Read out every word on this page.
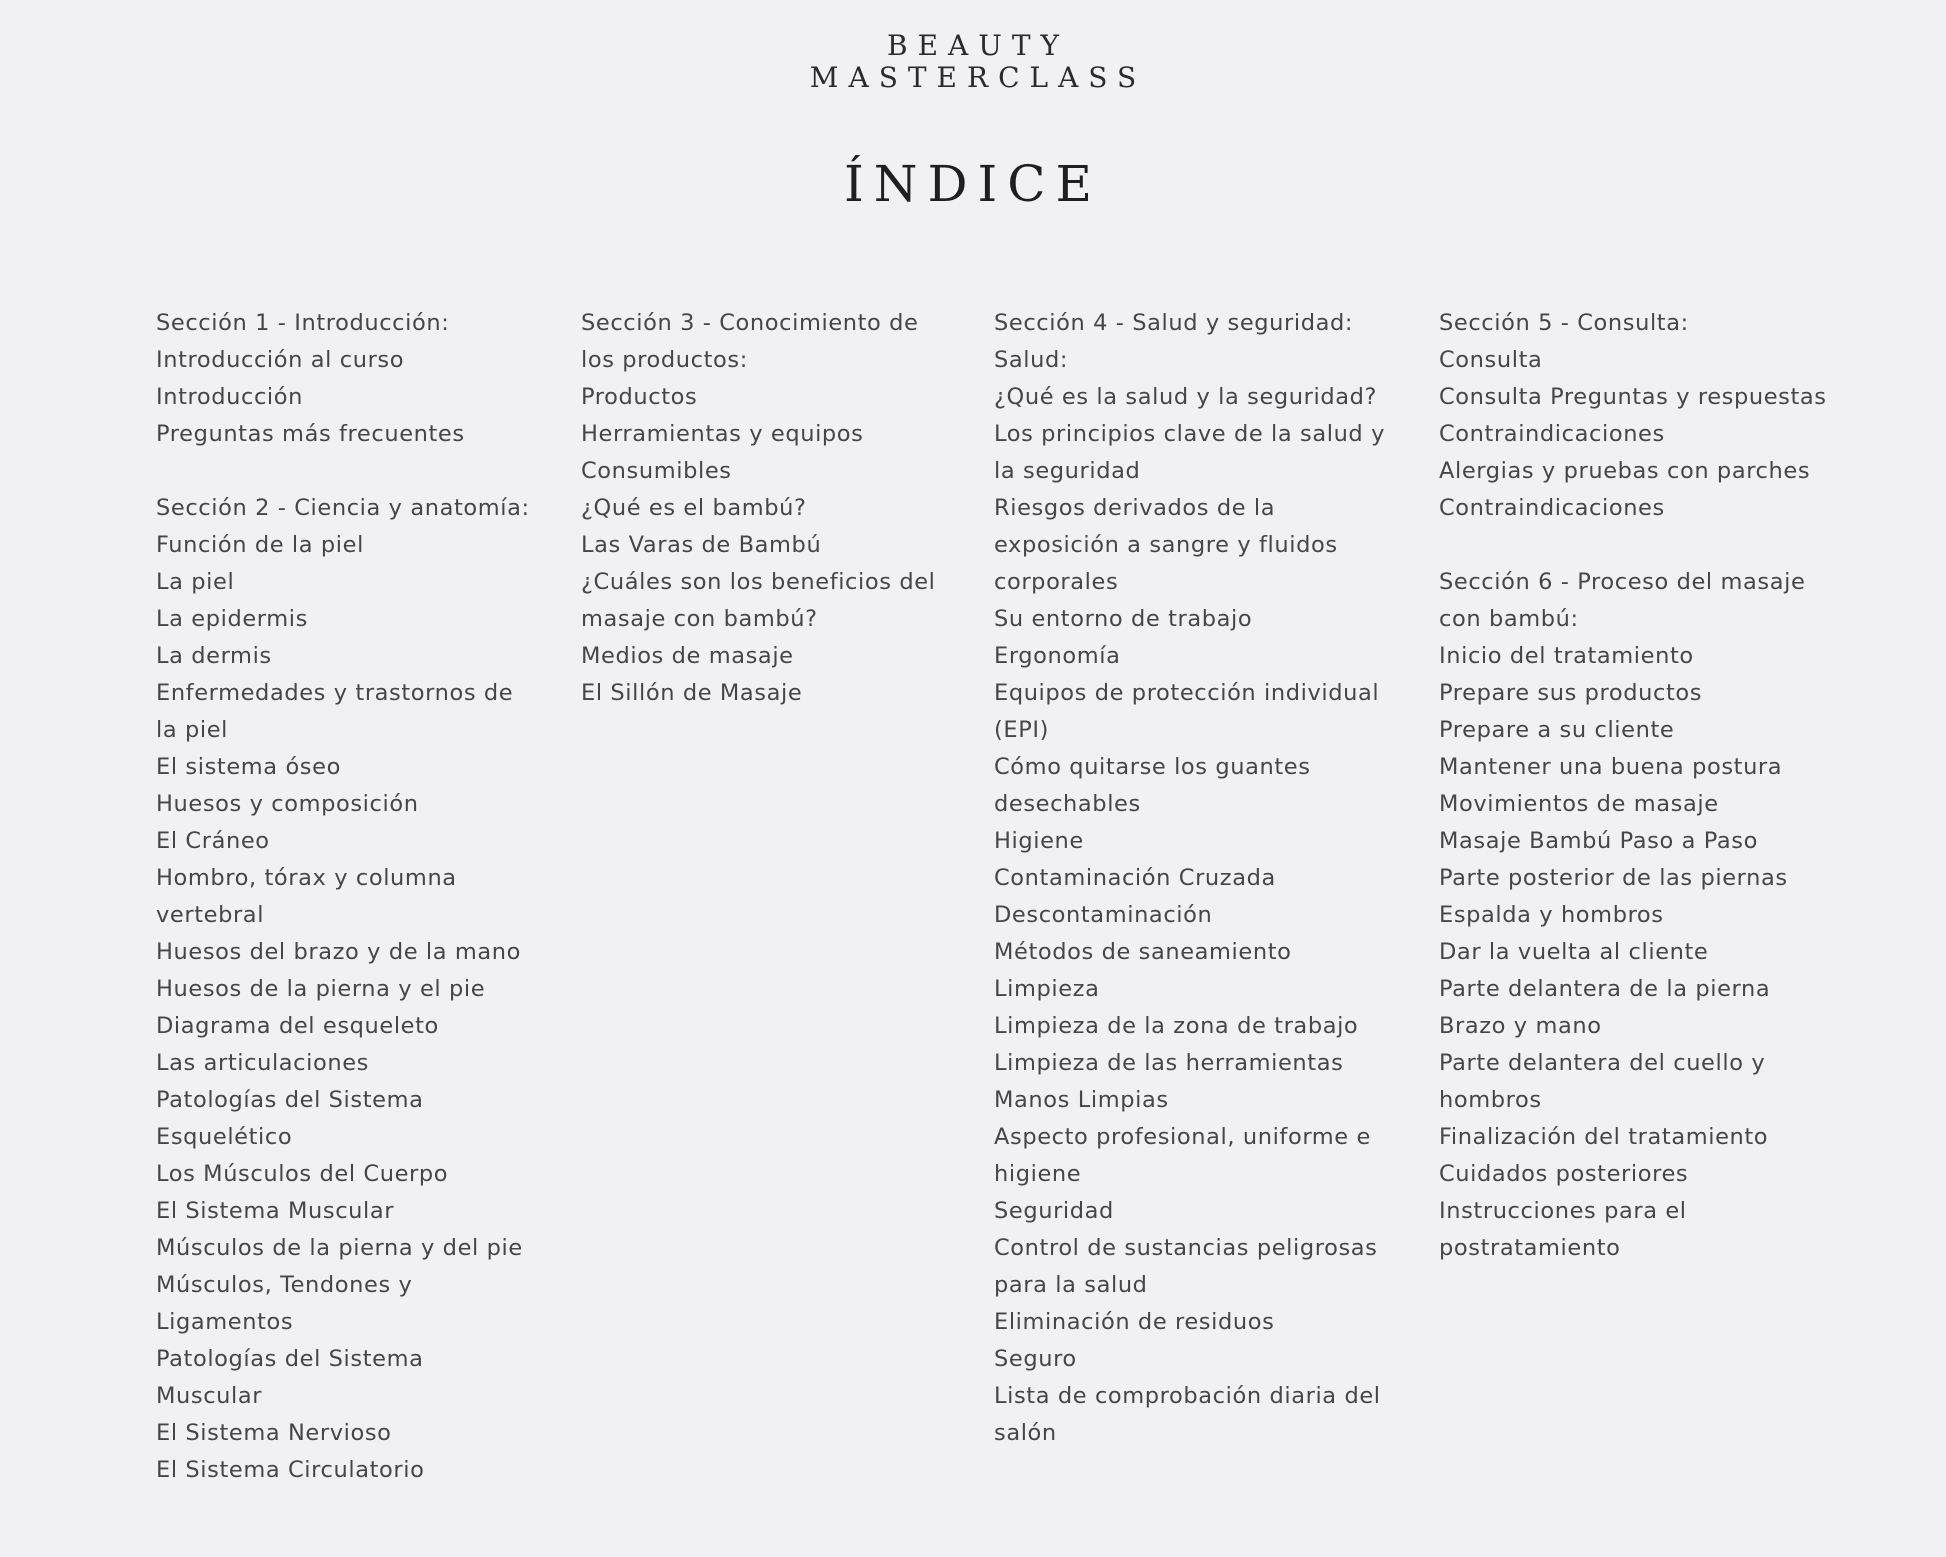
BEAUTY
MASTERCLASS
ÍNDICE
Sección 1 - Introducción:
Introducción al curso
Introducción
Preguntas más frecuentes
Sección 2 - Ciencia y anatomía:
Función de la piel
La piel
La epidermis
La dermis
Enfermedades y trastornos de la piel
El sistema óseo
Huesos y composición
El Cráneo
Hombro, tórax y columna vertebral
Huesos del brazo y de la mano
Huesos de la pierna y el pie
Diagrama del esqueleto
Las articulaciones
Patologías del Sistema Esquelético
Los Músculos del Cuerpo
El Sistema Muscular
Músculos de la pierna y del pie
Músculos, Tendones y Ligamentos
Patologías del Sistema Muscular
El Sistema Nervioso
El Sistema Circulatorio
Sección 3 - Conocimiento de los productos:
Productos
Herramientas y equipos
Consumibles
¿Qué es el bambú?
Las Varas de Bambú
¿Cuáles son los beneficios del masaje con bambú?
Medios de masaje
El Sillón de Masaje
Sección 4 - Salud y seguridad:
Salud:
¿Qué es la salud y la seguridad?
Los principios clave de la salud y la seguridad
Riesgos derivados de la exposición a sangre y fluidos corporales
Su entorno de trabajo
Ergonomía
Equipos de protección individual (EPI)
Cómo quitarse los guantes desechables
Higiene
Contaminación Cruzada
Descontaminación
Métodos de saneamiento
Limpieza
Limpieza de la zona de trabajo
Limpieza de las herramientas
Manos Limpias
Aspecto profesional, uniforme e higiene
Seguridad
Control de sustancias peligrosas para la salud
Eliminación de residuos
Seguro
Lista de comprobación diaria del salón
Sección 5 - Consulta:
Consulta
Consulta Preguntas y respuestas
Contraindicaciones
Alergias y pruebas con parches
Contraindicaciones
Sección 6 - Proceso del masaje con bambú:
Inicio del tratamiento
Prepare sus productos
Prepare a su cliente
Mantener una buena postura
Movimientos de masaje
Masaje Bambú Paso a Paso
Parte posterior de las piernas
Espalda y hombros
Dar la vuelta al cliente
Parte delantera de la pierna
Brazo y mano
Parte delantera del cuello y hombros
Finalización del tratamiento
Cuidados posteriores
Instrucciones para el postratamiento
